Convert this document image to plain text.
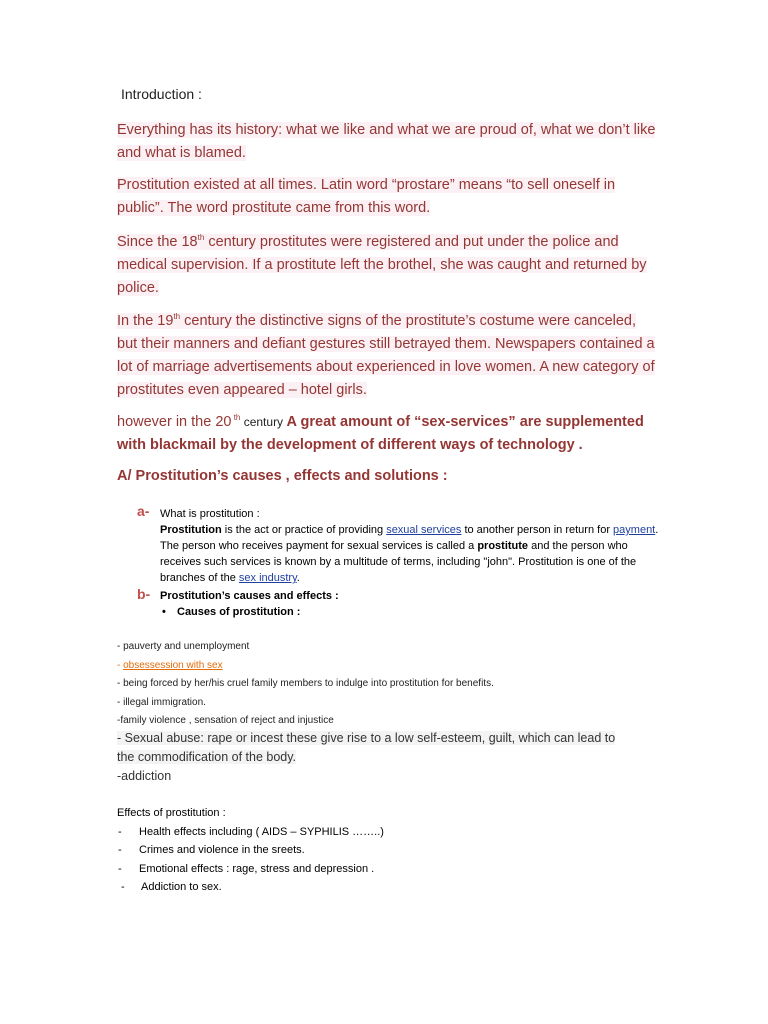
Introduction :
Everything has its history: what we like and what we are proud of, what we don’t like and what is blamed.
Prostitution existed at all times. Latin word “prostare” means “to sell oneself in public”. The word prostitute came from this word.
Since the 18th century prostitutes were registered and put under the police and medical supervision. If a prostitute left the brothel, she was caught and returned by police.
In the 19th century the distinctive signs of the prostitute’s costume were canceled, but their manners and defiant gestures still betrayed them. Newspapers contained a lot of marriage advertisements about experienced in love women. A new category of prostitutes even appeared – hotel girls.
however in the 20 $^{th}$ century A great amount of “sex-services” are supplemented with blackmail by the development of different ways of technology .
A/ Prostitution’s causes , effects and solutions :
a- What is prostitution :
Prostitution is the act or practice of providing sexual services to another person in return for payment. The person who receives payment for sexual services is called a prostitute and the person who receives such services is known by a multitude of terms, including "john". Prostitution is one of the branches of the sex industry.
b- Prostitution’s causes and effects :
• Causes of prostitution :
- pauverty and unemployment
- obsessession with sex
- being forced by her/his cruel family members to indulge into prostitution for benefits.
- illegal immigration.
-family violence , sensation of reject and injustice
- Sexual abuse: rape or incest these give rise to a low self-esteem, guilt, which can lead to
the commodification of the body.
-addiction
Effects of prostitution :
- Health effects including ( AIDS – SYPHILIS ……..)
- Crimes and violence in the sreets.
- Emotional effects : rage, stress and depression .
- Addiction to sex.
